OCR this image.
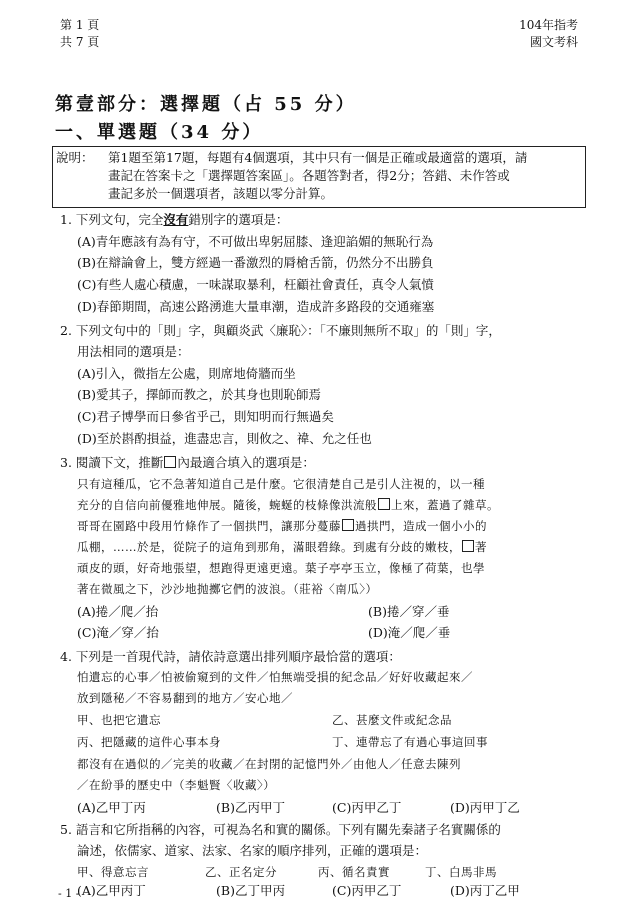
第 1 頁
共 7 頁
104年指考
國文考科
第壹部分：選擇題（占 55 分）
一、單選題（34 分）
說明： 第1題至第17題，每題有4個選項，其中只有一個是正確或最適當的選項，請
畫記在答案卡之「選擇題答案區」。各題答對者，得2分；答錯、未作答或
畫記多於一個選項者，該題以零分計算。
1. 下列文句，完全沒有錯別字的選項是：
(A)青年應該有為有守，不可做出卑躬屈膝、逢迎諂媚的無恥行為
(B)在辯論會上，雙方經過一番激烈的脣槍舌箭，仍然分不出勝負
(C)有些人處心積慮，一味謀取暴利，枉顧社會責任，真令人氣憤
(D)春節期間，高速公路湧進大量車潮，造成許多路段的交通雍塞
2. 下列文句中的「則」字，與顧炎武〈廉恥〉：「不廉則無所不取」的「則」字，
用法相同的選項是：
(A)引入，微指左公處，則席地倚牆而坐
(B)愛其子，擇師而教之，於其身也則恥師焉
(C)君子博學而日參省乎己，則知明而行無過矣
(D)至於斟酌損益，進盡忠言，則攸之、禕、允之任也
3. 閱讀下文，推斷 內最適合填入的選項是：
只有這種瓜，它不急著知道自己是什麼。它很清楚自己是引人注視的，以一種
充分的自信向前優雅地伸展。隨後，蜿蜒的枝條像洪流般 上來，蓋過了雜草。
哥哥在園路中段用竹條作了一個拱門，讓那分蔓藤 過拱門，造成一個小小的
瓜棚，……於是，從院子的這角到那角，滿眼碧綠。到處有分歧的嫩枝， 著
頑皮的頭，好奇地張望，想跑得更遠更遠。葉子亭亭玉立，像極了荷葉，也學
著在微風之下，沙沙地抛擲它們的波浪。（莊裕〈南瓜〉）
(A)捲／爬／抬	(B)捲／穿／垂
(C)淹／穿／抬	(D)淹／爬／垂
4. 下列是一首現代詩，請依詩意選出排列順序最恰當的選項：
怕遺忘的心事／怕被偷窺到的文件／怕無端受損的紀念品／好好收藏起來／
放到隱秘／不容易翻到的地方／安心地／
甲、也把它遺忘	乙、甚麼文件或紀念品
丙、把隱藏的這件心事本身	丁、連帶忘了有過心事這回事
都沒有在過似的／完美的收藏／在封閉的記憶門外／由他人／任意去陳列
／在紛爭的歷史中（李魁賢〈收藏〉）
(A)乙甲丁丙	(B)乙丙甲丁	(C)丙甲乙丁	(D)丙甲丁乙
5. 語言和它所指稱的內容，可視為名和實的關係。下列有關先秦諸子名實關係的
論述，依儒家、道家、法家、名家的順序排列，正確的選項是：
甲、得意忘言	乙、正名定分	丙、循名責實	丁、白馬非馬
(A)乙甲丙丁	(B)乙丁甲丙	(C)丙甲乙丁	(D)丙丁乙甲
- 1 -
